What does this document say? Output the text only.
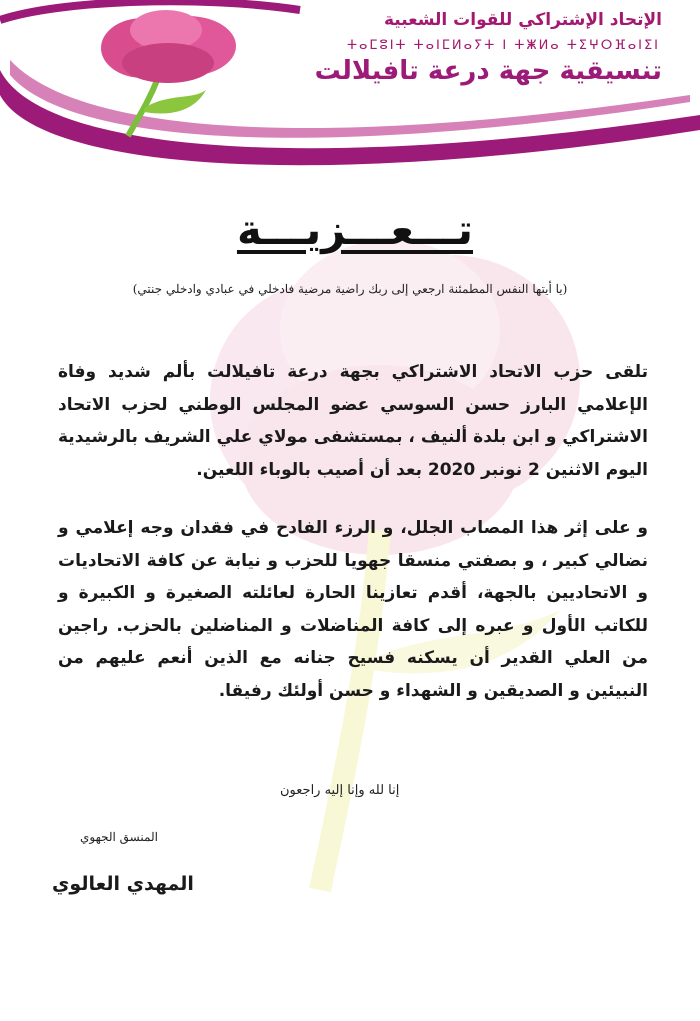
الإتحاد الإشتراكي للقوات الشعبية
ⵜⴰⵎⵓⵏⵜ ⵜⴰⵏⵎⵍⴰⵢⵜ ⵏ ⵜⵥⵍⴰ ⵜⵉⵖⵔⴼⴰⵏⵉⵏ
تنسيقية جهة درعة تافيلالت
تـــعـــزيـــة
(يا أيتها النفس المطمئنة ارجعي إلى ربك راضية مرضية فادخلي في عبادي وادخلي جنتي)
تلقى حزب الاتحاد الاشتراكي بجهة درعة تافيلالت بألم شديد وفاة الإعلامي البارز حسن السوسي عضو المجلس الوطني لحزب الاتحاد الاشتراكي و ابن بلدة ألنيف ، بمستشفى مولاي علي الشريف بالرشيدية اليوم الاثنين 2 نونبر 2020 بعد أن أصيب بالوباء اللعين.
و على إثر هذا المصاب الجلل، و الرزء الفادح في فقدان وجه إعلامي و نضالي كبير ، و بصفتي منسقا جهويا للحزب و نيابة عن كافة الاتحاديات و الاتحاديين بالجهة، أقدم تعازينا الحارة لعائلته الصغيرة و الكبيرة و للكاتب الأول و عبره إلى كافة المناضلات و المناضلين بالحزب. راجين من العلي القدير أن يسكنه فسيح جنانه مع الذين أنعم عليهم من النبيئين و الصديقين و الشهداء و حسن أولئك رفيقا.
إنا لله وإنا إليه راجعون
المنسق الجهوي
المهدي العالوي
